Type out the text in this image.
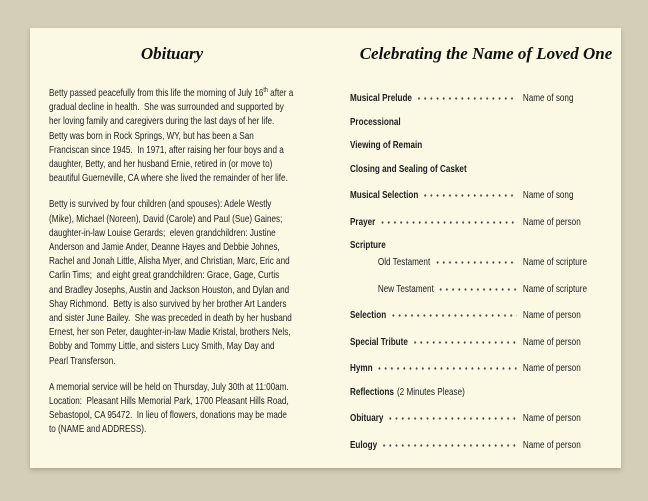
Obituary

Betty passed peacefully from this life the morning of July 16th after a gradual decline in health.  She was surrounded and supported by her loving family and caregivers during the last days of her life.  Betty was born in Rock Springs, WY, but has been a San Franciscan since 1945.  In 1971, after raising her four boys and a daughter, Betty, and her husband Ernie, retired in (or move to) beautiful Guerneville, CA where she lived the remainder of her life.

Betty is survived by four children (and spouses): Adele Westly (Mike), Michael (Noreen), David (Carole) and Paul (Sue) Gaines; daughter-in-law Louise Gerards;  eleven grandchildren: Justine Anderson and Jamie Ander, Deanne Hayes and Debbie Johnes, Rachel and Jonah Little, Alisha Myer, and Christian, Marc, Eric and Carlin Tims;  and eight great grandchildren: Grace, Gage, Curtis and Bradley Josephs, Austin and Jackson Houston, and Dylan and Shay Richmond.  Betty is also survived by her brother Art Landers and sister June Bailey.  She was preceded in death by her husband Ernest, her son Peter, daughter-in-law Madie Kristal, brothers Nels, Bobby and Tommy Little, and sisters Lucy Smith, May Day and Pearl Transferson.

A memorial service will be held on Thursday, July 30th at 11:00am.  Location:  Pleasant Hills Memorial Park, 1700 Pleasant Hills Road, Sebastopol, CA 95472.  In lieu of flowers, donations may be made to (NAME and ADDRESS).

Celebrating the Name of Loved One
Musical Prelude	Name of song
Processional
Viewing of Remain
Closing and Sealing of Casket
Musical Selection	Name of song
Prayer	Name of person
Scripture
Old Testament	Name of scripture
New Testament	Name of scripture
Selection	Name of person
Special Tribute	Name of person
Hymn	Name of person
Reflections (2 Minutes Please)
Obituary	Name of person
Eulogy	Name of person
